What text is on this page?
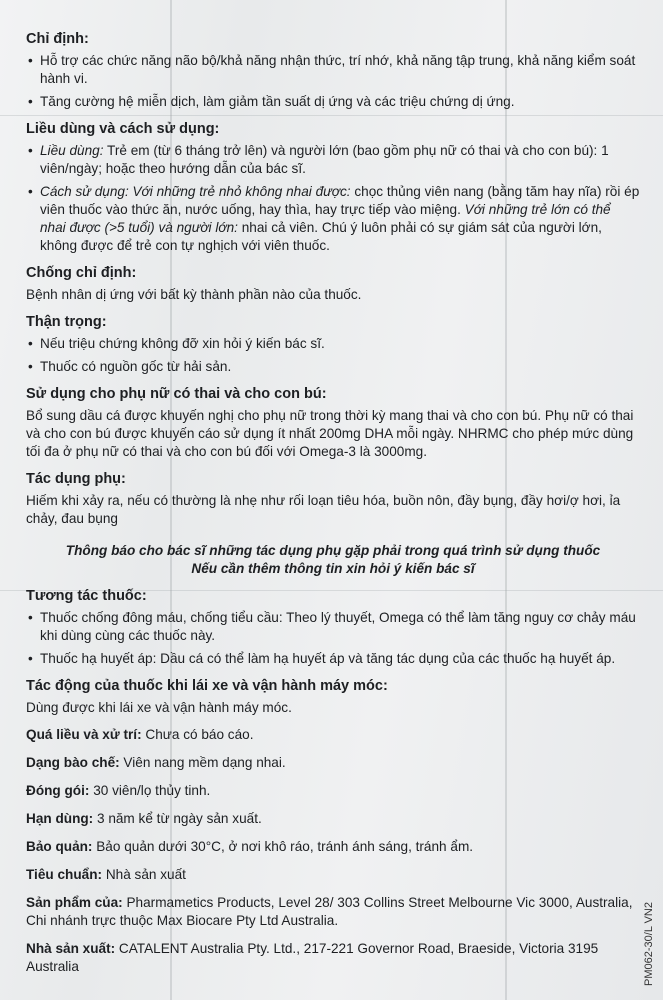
Chỉ định:

• Hỗ trợ các chức năng não bộ/khả năng nhận thức, trí nhớ, khả năng tập trung, khả năng kiểm soát hành vi.

• Tăng cường hệ miễn dịch, làm giảm tần suất dị ứng và các triệu chứng dị ứng.

Liều dùng và cách sử dụng:

• Liều dùng: Trẻ em (từ 6 tháng trở lên) và người lớn (bao gồm phụ nữ có thai và cho con bú): 1 viên/ngày; hoặc theo hướng dẫn của bác sĩ.

• Cách sử dụng: Với những trẻ nhỏ không nhai được: chọc thủng viên nang (bằng tăm hay nĩa) rồi ép viên thuốc vào thức ăn, nước uống, hay thìa, hay trực tiếp vào miệng. Với những trẻ lớn có thể nhai được (>5 tuổi) và người lớn: nhai cả viên. Chú ý luôn phải có sự giám sát của người lớn, không được để trẻ con tự nghịch với viên thuốc.

Chống chỉ định:

Bệnh nhân dị ứng với bất kỳ thành phần nào của thuốc.

Thận trọng:

• Nếu triệu chứng không đỡ xin hỏi ý kiến bác sĩ.

• Thuốc có nguồn gốc từ hải sản.

Sử dụng cho phụ nữ có thai và cho con bú:

Bổ sung dầu cá được khuyến nghị cho phụ nữ trong thời kỳ mang thai và cho con bú. Phụ nữ có thai và cho con bú được khuyến cáo sử dụng ít nhất 200mg DHA mỗi ngày. NHRMC cho phép mức dùng tối đa ở phụ nữ có thai và cho con bú đối với Omega-3 là 3000mg.

Tác dụng phụ:

Hiếm khi xảy ra, nếu có thường là nhẹ như rối loạn tiêu hóa, buồn nôn, đầy bụng, đầy hơi/ợ hơi, ỉa chảy, đau bụng

Thông báo cho bác sĩ những tác dụng phụ gặp phải trong quá trình sử dụng thuốc

Nếu cần thêm thông tin xin hỏi ý kiến bác sĩ

Tương tác thuốc:

• Thuốc chống đông máu, chống tiểu cầu: Theo lý thuyết, Omega có thể làm tăng nguy cơ chảy máu khi dùng cùng các thuốc này.

• Thuốc hạ huyết áp: Dầu cá có thể làm hạ huyết áp và tăng tác dụng của các thuốc hạ huyết áp.

Tác động của thuốc khi lái xe và vận hành máy móc:

Dùng được khi lái xe và vận hành máy móc.

Quá liều và xử trí: Chưa có báo cáo.

Dạng bào chế: Viên nang mềm dạng nhai.

Đóng gói: 30 viên/lọ thủy tinh.

Hạn dùng: 3 năm kể từ ngày sản xuất.

Bảo quản: Bảo quản dưới 30°C, ở nơi khô ráo, tránh ánh sáng, tránh ẩm.

Tiêu chuẩn: Nhà sản xuất

Sản phẩm của: Pharmametics Products, Level 28/ 303 Collins Street Melbourne Vic 3000, Australia, Chi nhánh trực thuộc Max Biocare Pty Ltd Australia.

Nhà sản xuất: CATALENT Australia Pty. Ltd., 217-221 Governor Road, Braeside, Victoria 3195 Australia	PM062-30/L VN2
